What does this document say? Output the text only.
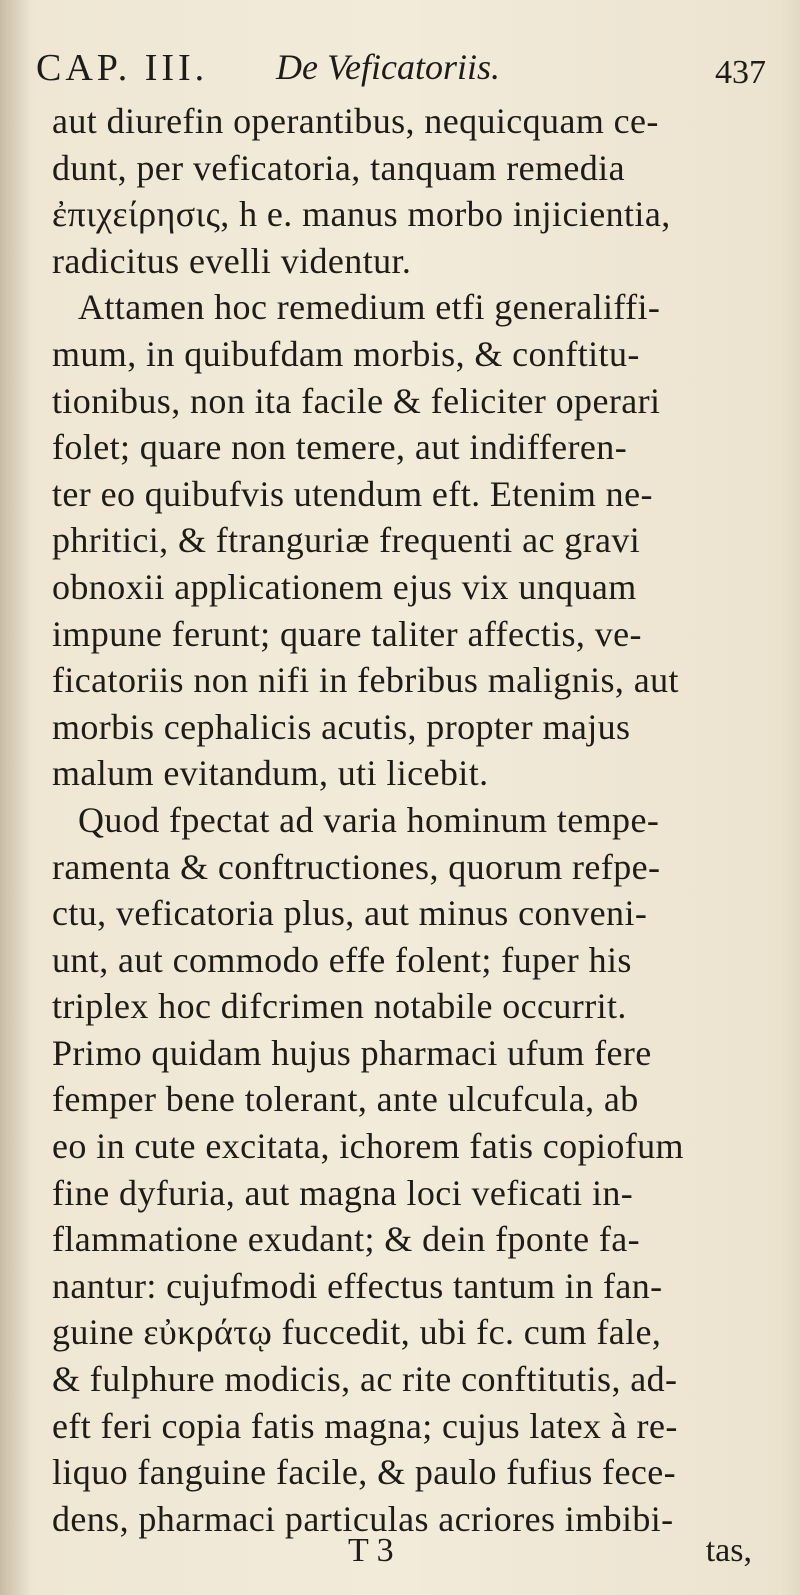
CAP. III. De Veficatoriis.	437
aut diurefin operantibus, nequicquam ce-
dunt, per veficatoria, tanquam remedia
ἐπιχείρησις, h e. manus morbo injicientia,
radicitus evelli videntur.
Attamen hoc remedium etfi generaliffi-
mum, in quibufdam morbis, & conftitu-
tionibus, non ita facile & feliciter operari
folet; quare non temere, aut indifferen-
ter eo quibufvis utendum eft. Etenim ne-
phritici, & ftranguriæ frequenti ac gravi
obnoxii applicationem ejus vix unquam
impune ferunt; quare taliter affectis, ve-
ficatoriis non nifi in febribus malignis, aut
morbis cephalicis acutis, propter majus
malum evitandum, uti licebit.
Quod fpectat ad varia hominum tempe-
ramenta & conftructiones, quorum refpe-
ctu, veficatoria plus, aut minus conveni-
unt, aut commodo effe folent; fuper his
triplex hoc difcrimen notabile occurrit.
Primo quidam hujus pharmaci ufum fere
femper bene tolerant, ante ulcufcula, ab
eo in cute excitata, ichorem fatis copiofum
fine dyfuria, aut magna loci veficati in-
flammatione exudant; & dein fponte fa-
nantur: cujufmodi effectus tantum in fan-
guine εὐκράτῳ fuccedit, ubi fc. cum fale,
& fulphure modicis, ac rite conftitutis, ad-
eft feri copia fatis magna; cujus latex à re-
liquo fanguine facile, & paulo fufius fece-
dens, pharmaci particulas acriores imbibi-
T 3	tas,
